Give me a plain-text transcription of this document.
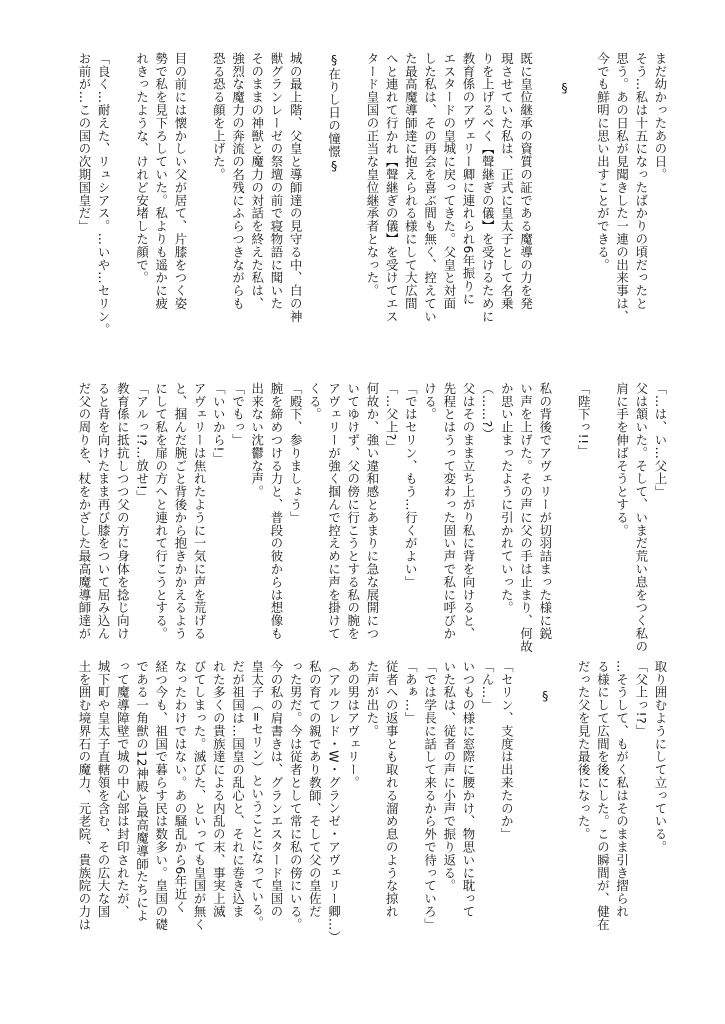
まだ幼かったあの日。

そう…私は十五になったばかりの頃だったと

思う。あの日私が見聞きした一連の出来事は、

今でも鮮明に思い出すことができる。

§

既に皇位継承の資質の証である魔導の力を発

現させていた私は、正式に皇太子として名乗

りを上げるべく【聲継ぎの儀】を受けるために

教育係のアヴェリー卿に連れられ6年振りに

エスタードの皇城に戻ってきた。父皇と対面

した私は、その再会を喜ぶ間も無く、控えてい

た最高魔導師達に抱えられる様にして大広間

へと連れて行かれ【聲継ぎの儀】を受けてエス

タード皇国の正当な皇位継承者となった。

§在りし日の憧憬§

城の最上階、父皇と導師達の見守る中、白の神

獣グランレーゼの祭壇の前で寝物語に聞いた

そのままの神獣と魔力の対話を終えた私は、

強烈な魔力の奔流の名残にふらつきながらも

恐る恐る顔を上げた。

目の前には懐かしい父が居て、片膝をつく姿

勢で私を見下ろしていた。私よりも遥かに疲

れきったような、けれど安堵した顔で。

「良く…耐えた、リュシアス。…いや…セリン。

お前が…この国の次期国皇だ」

「…は、い…父上」

父は頷いた。そして、いまだ荒い息をつく私の

肩に手を伸ばそうとする。

「陛下っ!!」

私の背後でアヴェリーが切羽詰まった様に鋭

い声を上げた。その声に父の手は止まり、何故

か思い止まったように引かれていった。

（……?）

父はそのまま立ち上がり私に背を向けると、

先程とはうって変わった固い声で私に呼びか

ける。

「ではセリン、もう…行くがよい」

「…父上?」

何故か、強い違和感とあまりに急な展開につ

いてゆけず、父の傍に行こうとする私の腕を

アヴェリーが強く掴んで控えめに声を掛けて

くる。

「殿下、参りましょう」

腕を締めつける力と、普段の彼からは想像も

出来ない沈鬱な声。

「でもっ」

「いいから!」

アヴェリーは焦れたように一気に声を荒げる

と、掴んだ腕ごと背後から抱きかかえるよう

にして私を扉の方へと連れて行こうとする。

「アルっ!?…放せ!」

教育係に抵抗しつつ父の方に身体を捻じ向け

ると背を向けたまま再び膝をついて屈み込ん

だ父の周りを、杖をかざした最高魔導師達が

取り囲むようにして立っている。

「父上っ!?」

…そうして、もがく私はそのまま引き摺られ

る様にして広間を後にした。この瞬間が、健在

だった父を見た最後になった。

§

「セリン、支度は出来たのか」

「ん…」

いつもの様に窓際に腰かけ、物思いに耽って

いた私は、従者の声に小声で振り返る。

「では学長に話して来るから外で待っていろ」

「あぁ…」

従者への返事とも取れる溜め息のような掠れ

た声が出た。

あの男はアヴェリー。

（アルフレド・W・グランゼ・アヴェリー卿…）

私の育ての親であり教師、そして父の皇佐だ

った男だ。今は従者として常に私の傍にいる。

今の私の肩書きは、グランエスタード皇国の

皇太子（=セリン）ということになっている。

だが祖国は…国皇の乱心と、それに巻き込ま

れた多くの貴族達による内乱の末、事実上滅

びてしまった。滅びた、といっても皇国が無く

なったわけではない。あの騒乱から6年近く

経つ今も、祖国で暮らす民は数多い。皇国の礎

である一角獣の12神殿と最高魔導師たちによ

って魔導障壁で城の中心部は封印されたが、

城下町や皇太子直轄領を含む、その広大な国

土を囲む境界石の魔力、元老院、貴族院の力は
